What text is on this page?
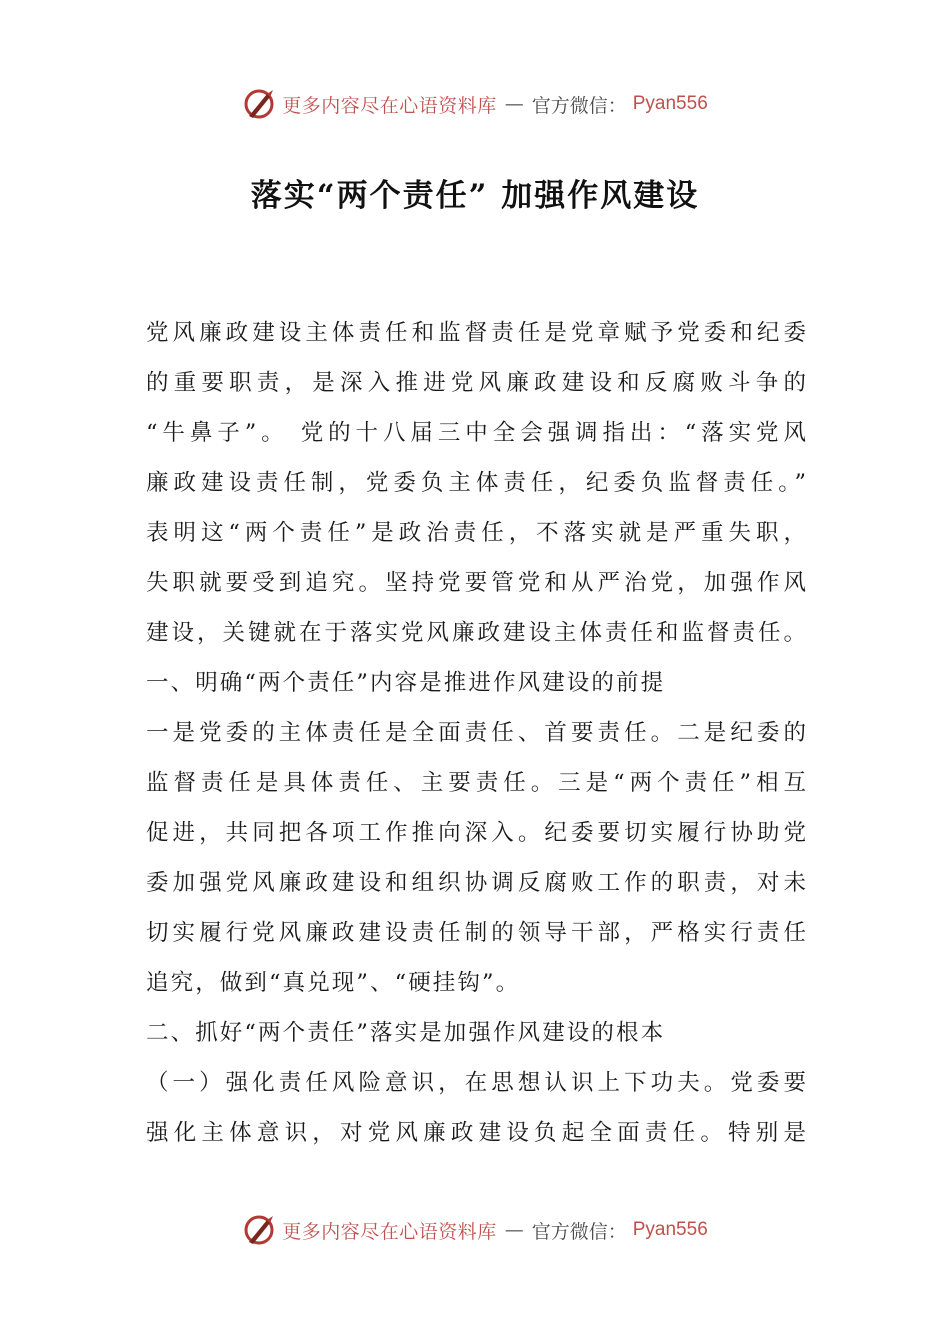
更多内容尽在心语资料库 — 官方微信： Pyan556
落实“两个责任” 加强作风建设
党风廉政建设主体责任和监督责任是党章赋予党委和纪委
的重要职责，是深入推进党风廉政建设和反腐败斗争的
“牛鼻子”。 党的十八届三中全会强调指出：“落实党风
廉政建设责任制，党委负主体责任，纪委负监督责任。”
表明这“两个责任”是政治责任，不落实就是严重失职，
失职就要受到追究。坚持党要管党和从严治党，加强作风
建设，关键就在于落实党风廉政建设主体责任和监督责任。
一、明确“两个责任”内容是推进作风建设的前提
一是党委的主体责任是全面责任、首要责任。二是纪委的
监督责任是具体责任、主要责任。三是“两个责任”相互
促进，共同把各项工作推向深入。纪委要切实履行协助党
委加强党风廉政建设和组织协调反腐败工作的职责，对未
切实履行党风廉政建设责任制的领导干部，严格实行责任
追究，做到“真兑现”、“硬挂钩”。
二、抓好“两个责任”落实是加强作风建设的根本
（一）强化责任风险意识，在思想认识上下功夫。党委要
强化主体意识，对党风廉政建设负起全面责任。特别是
更多内容尽在心语资料库 — 官方微信： Pyan556
